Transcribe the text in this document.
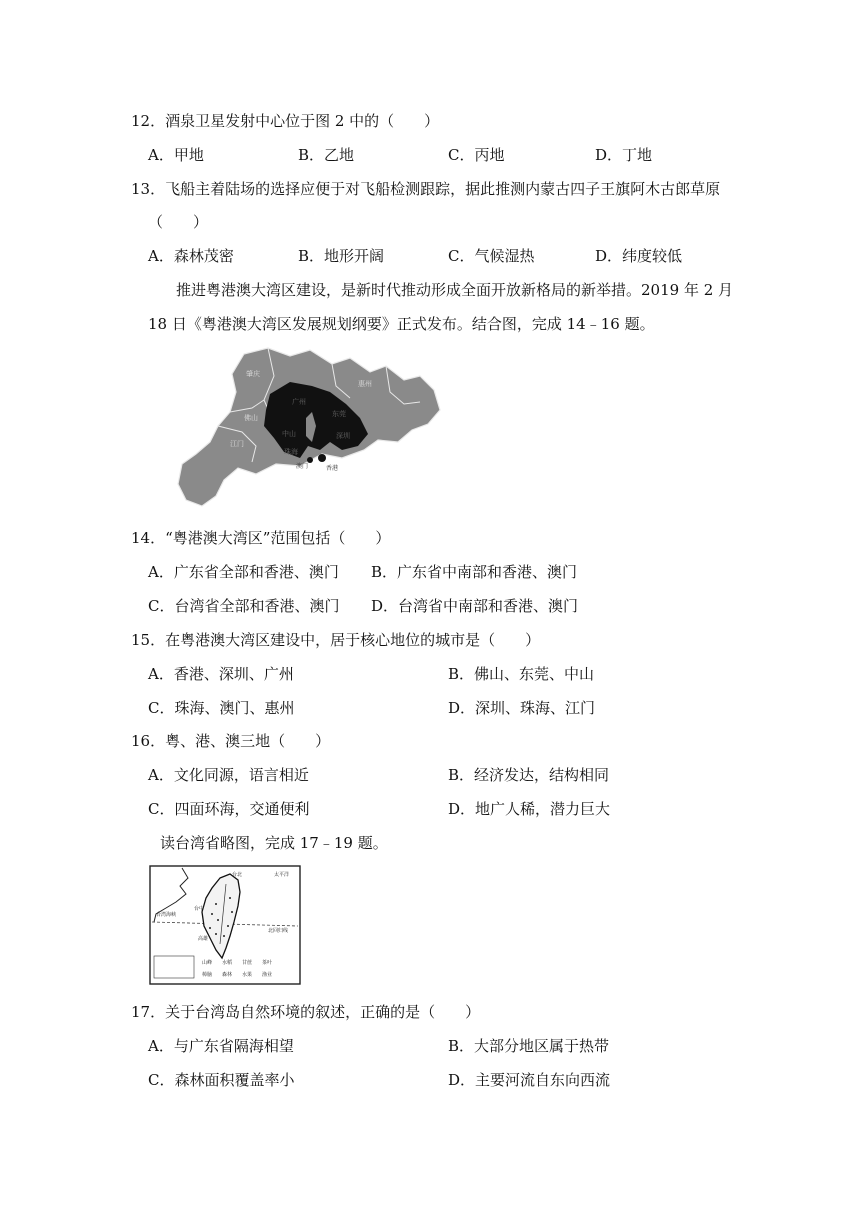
12．酒泉卫星发射中心位于图 2 中的（　　）
A．甲地	B．乙地	C．丙地	D．丁地
13．飞船主着陆场的选择应便于对飞船检测跟踪，据此推测内蒙古四子王旗阿木古郎草原
（　　）
A．森林茂密	B．地形开阔	C．气候湿热	D．纬度较低
推进粤港澳大湾区建设，是新时代推动形成全面开放新格局的新举措。2019 年 2 月
18 日《粤港澳大湾区发展规划纲要》正式发布。结合图，完成 14﹣16 题。
肇庆
广州
惠州
佛山	东莞
江门
中山	深圳
珠海
澳门	香港
14．“粤港澳大湾区”范围包括（　　）
A．广东省全部和香港、澳门 B．广东省中南部和香港、澳门
C．台湾省全部和香港、澳门 D．台湾省中南部和香港、澳门
15．在粤港澳大湾区建设中，居于核心地位的城市是（　　）
A．香港、深圳、广州	B．佛山、东莞、中山
C．珠海、澳门、惠州	D．深圳、珠海、江门
16．粤、港、澳三地（　　）
A．文化同源，语言相近	B．经济发达，结构相同
C．四面环海，交通便利	D．地广人稀，潜力巨大
读台湾省略图，完成 17﹣19 题。
台北
台中
高雄
台湾海峡
太平洋
北回归线
山峰 水稻 甘蔗 茶叶
樟脑 森林 水果 渔业
17．关于台湾岛自然环境的叙述，正确的是（　　）
A．与广东省隔海相望	B．大部分地区属于热带
C．森林面积覆盖率小	D．主要河流自东向西流
